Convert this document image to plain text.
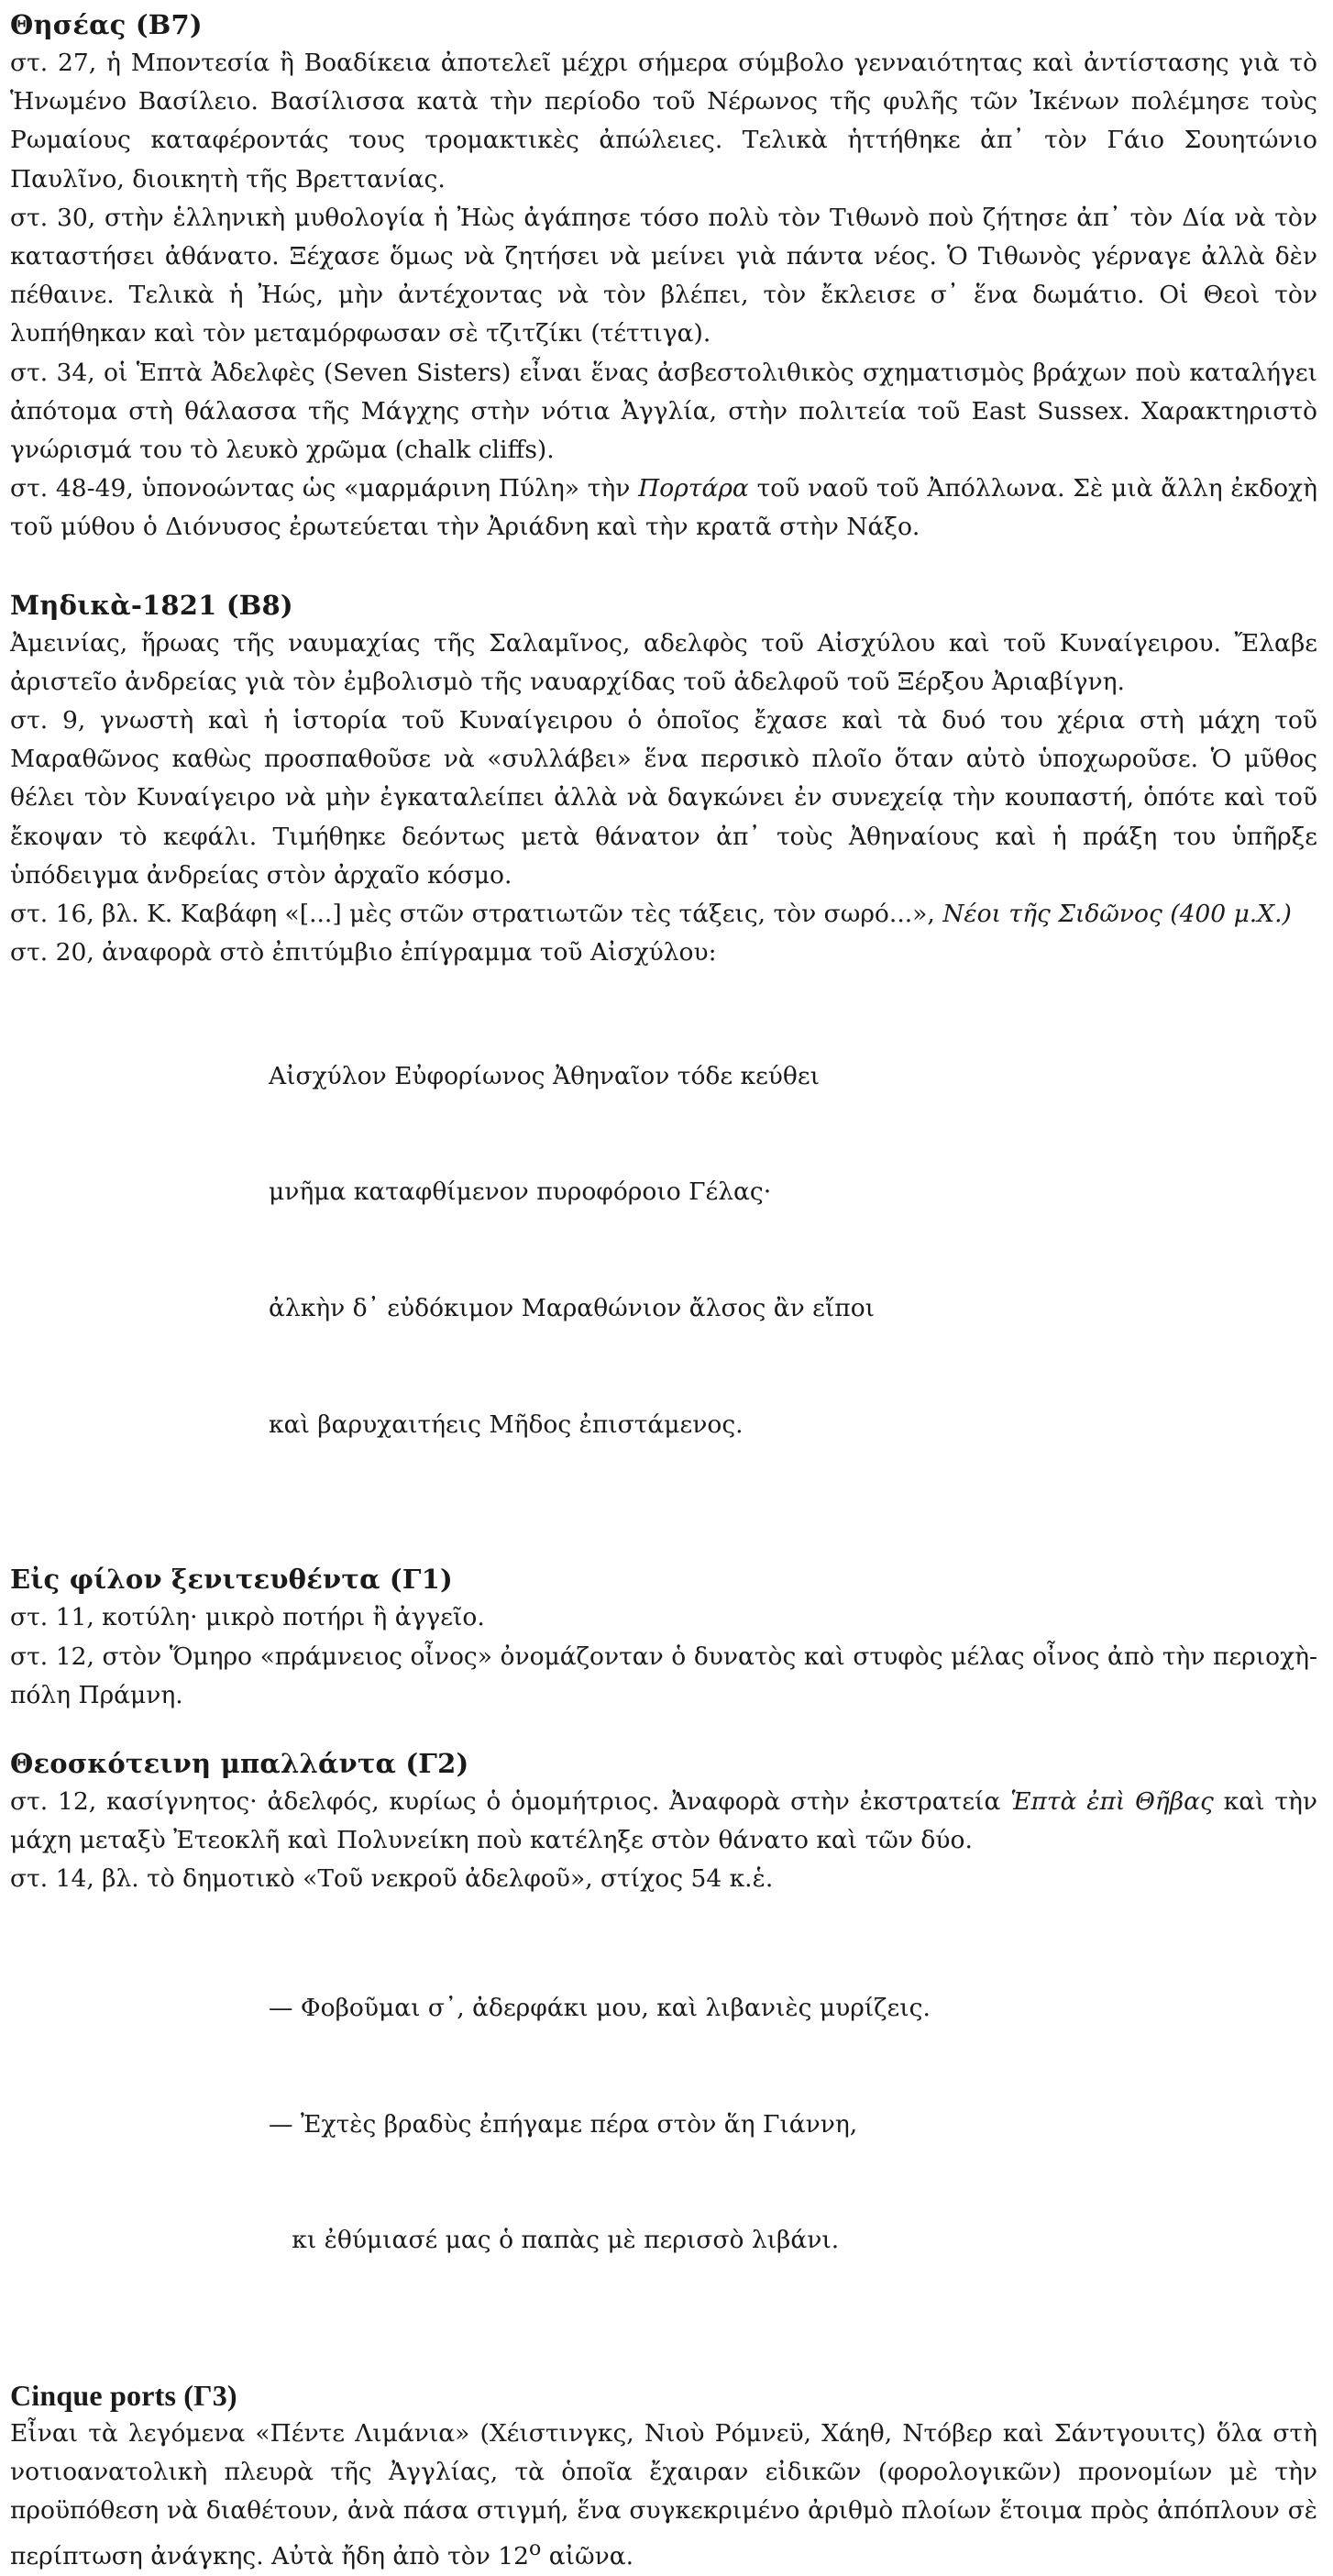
Θησέας (Β7)

στ. 27, ἡ Μποντεσία ἢ Βοαδίκεια ἀποτελεῖ μέχρι σήμερα σύμβολο γενναιότητας καὶ ἀντίστασης γιὰ τὸ Ἡνωμένο Βασίλειο. Βασίλισσα κατὰ τὴν περίοδο τοῦ Νέρωνος τῆς φυλῆς τῶν Ἰκένων πολέμησε τοὺς Ρωμαίους καταφέροντάς τους τρομακτικὲς ἀπώλειες. Τελικὰ ἡττήθηκε ἀπ᾽ τὸν Γάιο Σουητώνιο Παυλῖνο, διοικητὴ τῆς Βρεττανίας.

στ. 30, στὴν ἑλληνικὴ μυθολογία ἡ Ἠὼς ἀγάπησε τόσο πολὺ τὸν Τιθωνὸ ποὺ ζήτησε ἀπ᾽ τὸν Δία νὰ τὸν καταστήσει ἀθάνατο. Ξέχασε ὅμως νὰ ζητήσει νὰ μείνει γιὰ πάντα νέος. Ὁ Τιθωνὸς γέρναγε ἀλλὰ δὲν πέθαινε. Τελικὰ ἡ Ἠώς, μὴν ἀντέχοντας νὰ τὸν βλέπει, τὸν ἔκλεισε σ᾽ ἕνα δωμάτιο. Οἱ Θεοὶ τὸν λυπήθηκαν καὶ τὸν μεταμόρφωσαν σὲ τζιτζίκι (τέττιγα).

στ. 34, οἱ Ἑπτὰ Ἀδελφὲς (Seven Sisters) εἶναι ἕνας ἀσβεστολιθικὸς σχηματισμὸς βράχων ποὺ καταλήγει ἀπότομα στὴ θάλασσα τῆς Μάγχης στὴν νότια Ἀγγλία, στὴν πολιτεία τοῦ East Sussex. Χαρακτηριστὸ γνώρισμά του τὸ λευκὸ χρῶμα (chalk cliffs).

στ. 48-49, ὑπονοώντας ὡς «μαρμάρινη Πύλη» τὴν Πορτάρα τοῦ ναοῦ τοῦ Ἀπόλλωνα. Σὲ μιὰ ἄλλη ἐκδοχὴ τοῦ μύθου ὁ Διόνυσος ἐρωτεύεται τὴν Ἀριάδνη καὶ τὴν κρατᾶ στὴν Νάξο.

Μηδικὰ-1821 (Β8)

Ἀμεινίας, ἥρωας τῆς ναυμαχίας τῆς Σαλαμῖνος, αδελφὸς τοῦ Αἰσχύλου καὶ τοῦ Κυναίγειρου. Ἔλαβε ἀριστεῖο ἀνδρείας γιὰ τὸν ἐμβολισμὸ τῆς ναυαρχίδας τοῦ ἀδελφοῦ τοῦ Ξέρξου Ἀριαβίγνη.

στ. 9, γνωστὴ καὶ ἡ ἱστορία τοῦ Κυναίγειρου ὁ ὁποῖος ἔχασε καὶ τὰ δυό του χέρια στὴ μάχη τοῦ Μαραθῶνος καθὼς προσπαθοῦσε νὰ «συλλάβει» ἕνα περσικὸ πλοῖο ὅταν αὐτὸ ὑποχωροῦσε. Ὁ μῦθος θέλει τὸν Κυναίγειρο νὰ μὴν ἐγκαταλείπει ἀλλὰ νὰ δαγκώνει ἐν συνεχείᾳ τὴν κουπαστή, ὁπότε καὶ τοῦ ἔκοψαν τὸ κεφάλι. Τιμήθηκε δεόντως μετὰ θάνατον ἀπ᾽ τοὺς Ἀθηναίους καὶ ἡ πράξη του ὑπῆρξε ὑπόδειγμα ἀνδρείας στὸν ἀρχαῖο κόσμο.

στ. 16, βλ. Κ. Καβάφη «[...] μὲς στῶν στρατιωτῶν τὲς τάξεις, τὸν σωρό...», Νέοι τῆς Σιδῶνος (400 μ.Χ.)

στ. 20, ἀναφορὰ στὸ ἐπιτύμβιο ἐπίγραμμα τοῦ Αἰσχύλου:

Αἰσχύλον Εὐφορίωνος Ἀθηναῖον τόδε κεύθει

μνῆμα καταφθίμενον πυροφόροιο Γέλας·

ἀλκὴν δ᾽ εὐδόκιμον Μαραθώνιον ἄλσος ἂν εἴποι

καὶ βαρυχαιτήεις Μῆδος ἐπιστάμενος.

Εἰς φίλον ξενιτευθέντα (Γ1)

στ. 11, κοτύλη· μικρὸ ποτήρι ἢ ἀγγεῖο.

στ. 12, στὸν Ὅμηρο «πράμνειος οἶνος» ὀνομάζονταν ὁ δυνατὸς καὶ στυφὸς μέλας οἶνος ἀπὸ τὴν περιοχὴ-πόλη Πράμνη.

Θεοσκότεινη μπαλλάντα (Γ2)

στ. 12, κασίγνητος· ἀδελφός, κυρίως ὁ ὁμομήτριος. Ἀναφορὰ στὴν ἐκστρατεία Ἑπτὰ ἐπὶ Θῆβας καὶ τὴν μάχη μεταξὺ Ἐτεοκλῆ καὶ Πολυνείκη ποὺ κατέληξε στὸν θάνατο καὶ τῶν δύο.

στ. 14, βλ. τὸ δημοτικὸ «Τοῦ νεκροῦ ἀδελφοῦ», στίχος 54 κ.ἑ.

— Φοβοῦμαι σ᾽, ἀδερφάκι μου, καὶ λιβανιὲς μυρίζεις.

— Ἐχτὲς βραδὺς ἐπήγαμε πέρα στὸν ἅη Γιάννη,

κι ἐθύμιασέ μας ὁ παπὰς μὲ περισσὸ λιβάνι.

Cinque ports (Γ3)

Εἶναι τὰ λεγόμενα «Πέντε Λιμάνια» (Χέιστινγκς, Νιοὺ Ρόμνεϋ, Χάηθ, Ντόβερ καὶ Σάντγουιτς) ὅλα στὴ νοτιοανατολικὴ πλευρὰ τῆς Ἀγγλίας, τὰ ὁποῖα ἔχαιραν εἰδικῶν (φορολογικῶν) προνομίων μὲ τὴν προϋπόθεση νὰ διαθέτουν, ἀνὰ πάσα στιγμή, ἕνα συγκεκριμένο ἀριθμὸ πλοίων ἕτοιμα πρὸς ἀπόπλουν σὲ περίπτωση ἀνάγκης. Αὐτὰ ἤδη ἀπὸ τὸν $12^o$ αἰῶνα.
